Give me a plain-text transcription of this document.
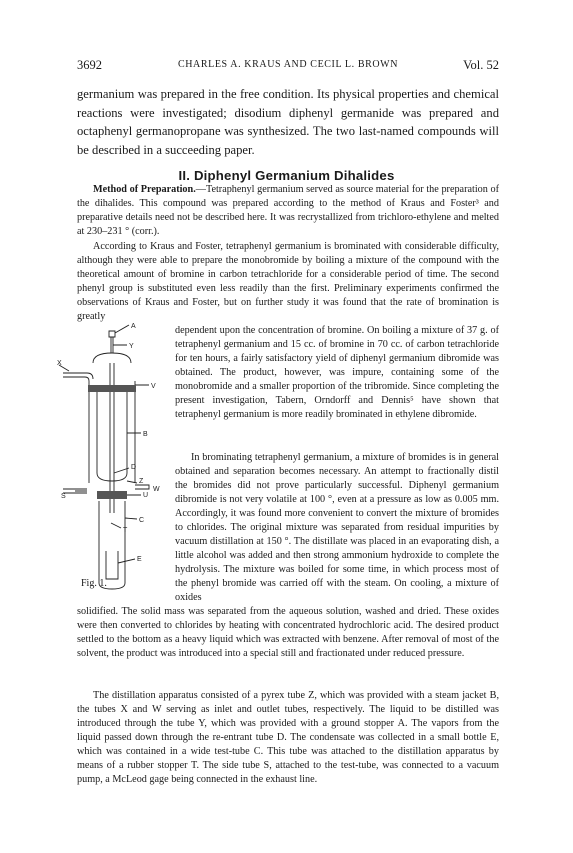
3692	CHARLES A. KRAUS AND CECIL L. BROWN	Vol. 52
germanium was prepared in the free condition. Its physical properties and chemical reactions were investigated; disodium diphenyl germanide was prepared and octaphenyl germanopropane was synthesized. The two last-named compounds will be described in a succeeding paper.
II. Diphenyl Germanium Dihalides

Method of Preparation.—Tetraphenyl germanium served as source material for the preparation of the dihalides. This compound was prepared according to the method of Kraus and Foster³ and preparative details need not be described here. It was recrystallized from trichloro-ethylene and melted at 230–231 ° (corr.).

According to Kraus and Foster, tetraphenyl germanium is brominated with considerable difficulty, although they were able to prepare the monobromide by boiling a mixture of the compound with the theoretical amount of bromine in carbon tetrachloride for a considerable period of time. The second phenyl group is substituted even less readily than the first. Preliminary experiments confirmed the observations of Kraus and Foster, but on further study it was found that the rate of bromination is greatly

dependent upon the concentration of bromine. On boiling a mixture of 37 g. of tetraphenyl germanium and 15 cc. of bromine in 70 cc. of carbon tetrachloride for ten hours, a fairly satisfactory yield of diphenyl germanium dibromide was obtained. The product, however, was impure, containing some of the monobromide and a smaller proportion of the tribromide. Since completing the present investigation, Tabern, Orndorff and Dennis⁵ have shown that tetraphenyl germanium is more readily brominated in ethylene dibromide.

In brominating tetraphenyl germanium, a mixture of bromides is in general obtained and separation becomes necessary. An attempt to fractionally distil the bromides did not prove particularly successful. Diphenyl germanium dibromide is not very volatile at 100 °, even at a pressure as low as 0.005 mm. Accordingly, it was found more convenient to convert the mixture of bromides to chlorides. The original mixture was separated from residual impurities by vacuum distillation at 150 °. The distillate was placed in an evaporating dish, a little alcohol was added and then strong ammonium hydroxide to complete the hydrolysis. The mixture was boiled for some time, in which process most of the phenyl bromide was carried off with the steam. On cooling, a mixture of oxides

solidified. The solid mass was separated from the aqueous solution, washed and dried. These oxides were then converted to chlorides by heating with concentrated hydrochloric acid. The desired product settled to the bottom as a heavy liquid which was extracted with benzene. After removal of most of the solvent, the product was introduced into a special still and fractionated under reduced pressure.

The distillation apparatus consisted of a pyrex tube Z, which was provided with a steam jacket B, the tubes X and W serving as inlet and outlet tubes, respectively. The liquid to be distilled was introduced through the tube Y, which was provided with a ground stopper A. The vapors from the liquid passed down through the re-entrant tube D. The condensate was collected in a small bottle E, which was contained in a wide test-tube C. This tube was attached to the distillation apparatus by means of a rubber stopper T. The side tube S, attached to the test-tube, was connected to a vacuum pump, a McLeod gage being connected in the exhaust line.

A
Y
X
V
B
D
Z
U
S
W
T
C
E
Fig. 1.
